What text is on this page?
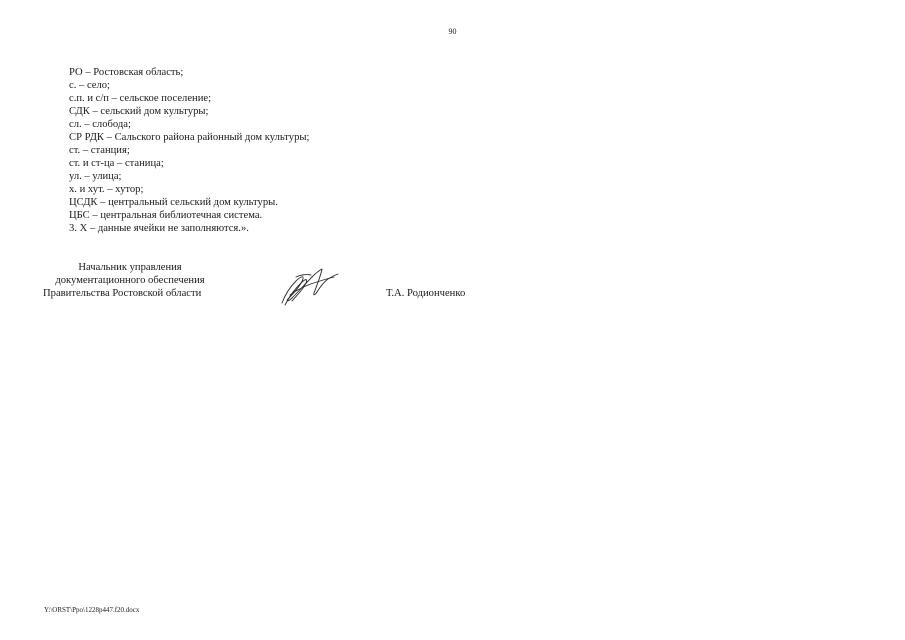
90
РО – Ростовская область;
с. – село;
с.п. и с/п – сельское поселение;
СДК – сельский дом культуры;
сл. – слобода;
СР РДК – Сальского района районный дом культуры;
ст. – станция;
ст. и ст-ца – станица;
ул. – улица;
х. и хут. – хутор;
ЦСДК – центральный сельский дом культуры.
ЦБС – центральная библиотечная система.
3. Х – данные ячейки не заполняются.».
Начальник управления
документационного обеспечения
Правительства Ростовской области	Т.А. Родионченко
Y:\ORST\Ppo\1228p447.f20.docx
